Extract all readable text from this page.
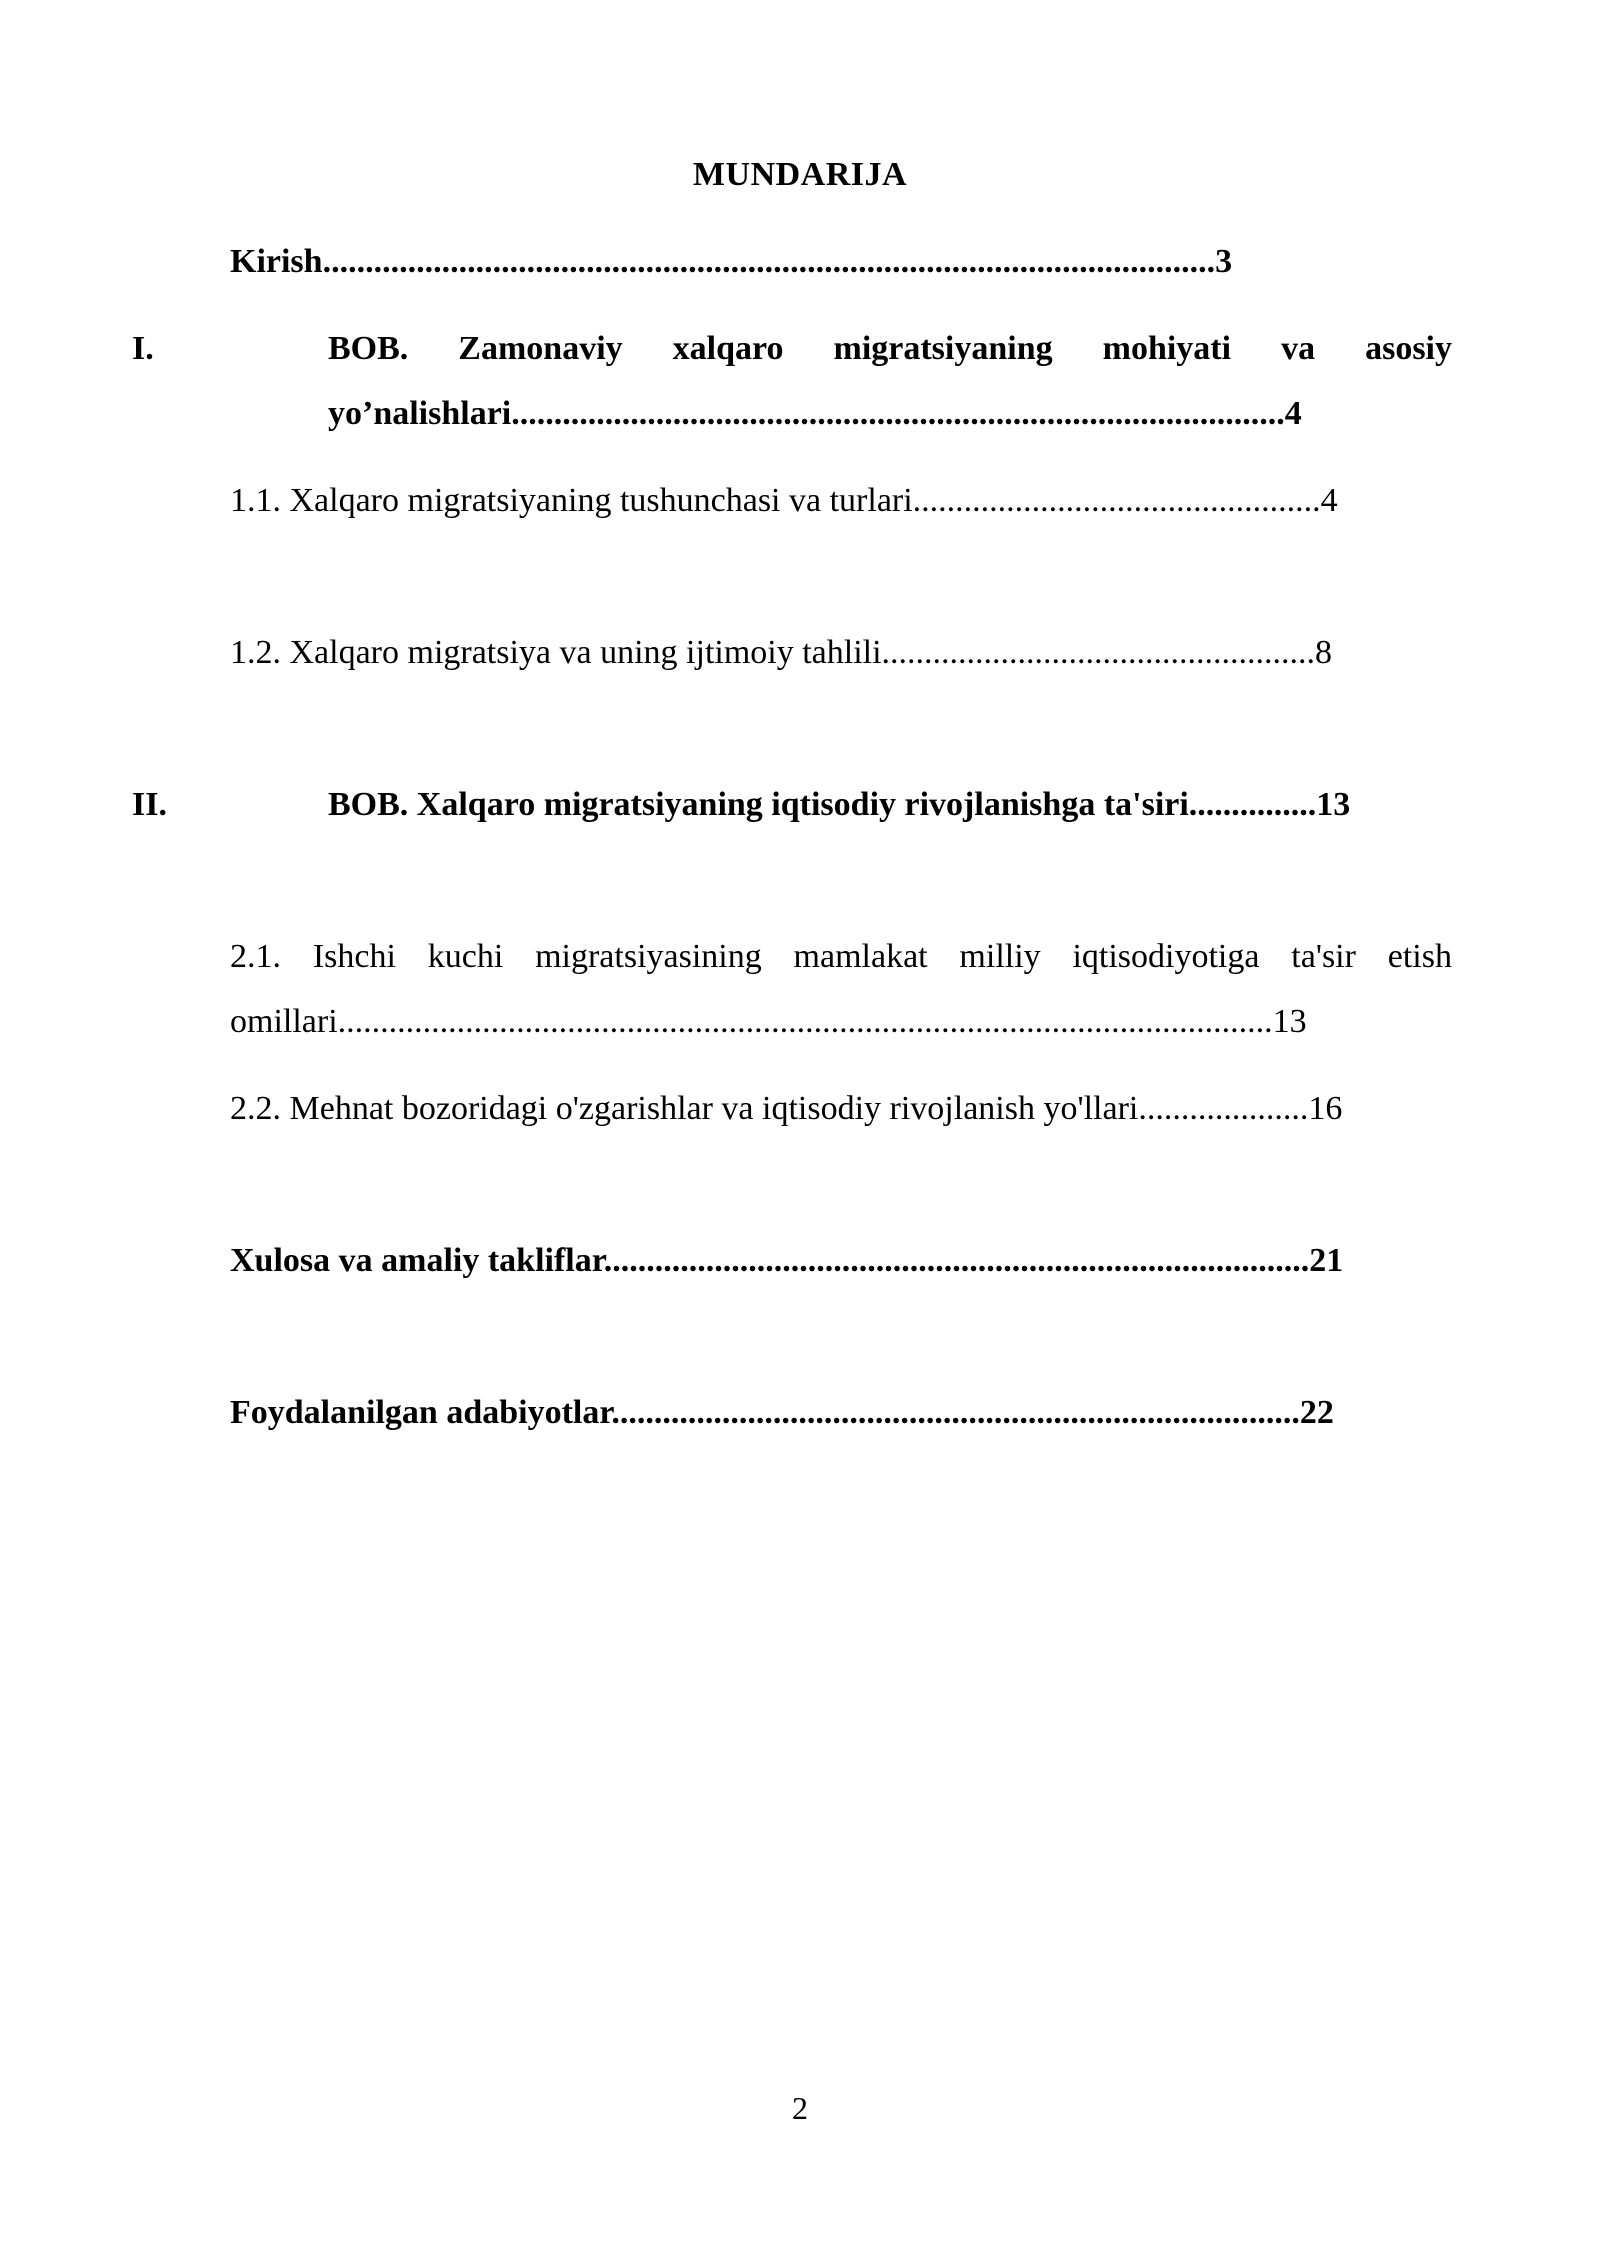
MUNDARIJA
Kirish.........................................................................................................3
I.	BOB. Zamonaviy xalqaro migratsiyaning mohiyati va asosiy yo’nalishlari...........................................................................................4
1.1. Xalqaro migratsiyaning tushunchasi va turlari................................................4
1.2. Xalqaro migratsiya va uning ijtimoiy tahlili...................................................8
II.	BOB. Xalqaro migratsiyaning iqtisodiy rivojlanishga ta'siri...............13
2.1. Ishchi kuchi migratsiyasining mamlakat milliy iqtisodiyotiga ta'sir etish omillari..............................................................................................................13
2.2. Mehnat bozoridagi o'zgarishlar va iqtisodiy rivojlanish yo'llari....................16
Xulosa va amaliy takliflar...................................................................................21
Foydalanilgan adabiyotlar.................................................................................22
2
